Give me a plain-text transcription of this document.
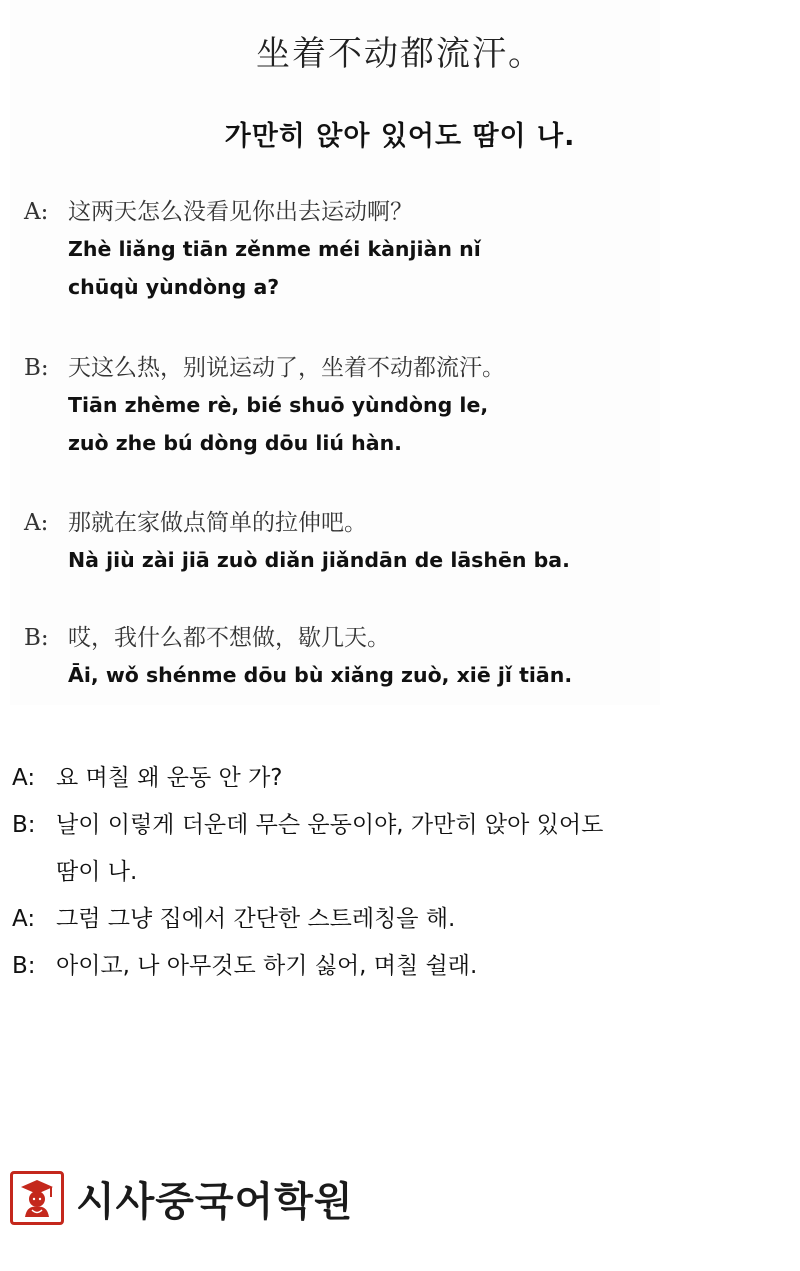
坐着不动都流汗。
가만히 앉아 있어도 땀이 나.
A: 这两天怎么没看见你出去运动啊？
Zhè liǎng tiān zěnme méi kànjiàn nǐ
chūqù yùndòng a?
B: 天这么热，别说运动了，坐着不动都流汗。
Tiān zhème rè, bié shuō yùndòng le,
zuò zhe bú dòng dōu liú hàn.
A: 那就在家做点简单的拉伸吧。
Nà jiù zài jiā zuò diǎn jiǎndān de lāshēn ba.
B: 哎，我什么都不想做，歇几天。
Āi, wǒ shénme dōu bù xiǎng zuò, xiē jǐ tiān.
A: 요 며칠 왜 운동 안 가?
B: 날이 이렇게 더운데 무슨 운동이야, 가만히 앉아 있어도
땀이 나.
A: 그럼 그냥 집에서 간단한 스트레칭을 해.
B: 아이고, 나 아무것도 하기 싫어, 며칠 쉴래.
시사중국어학원
